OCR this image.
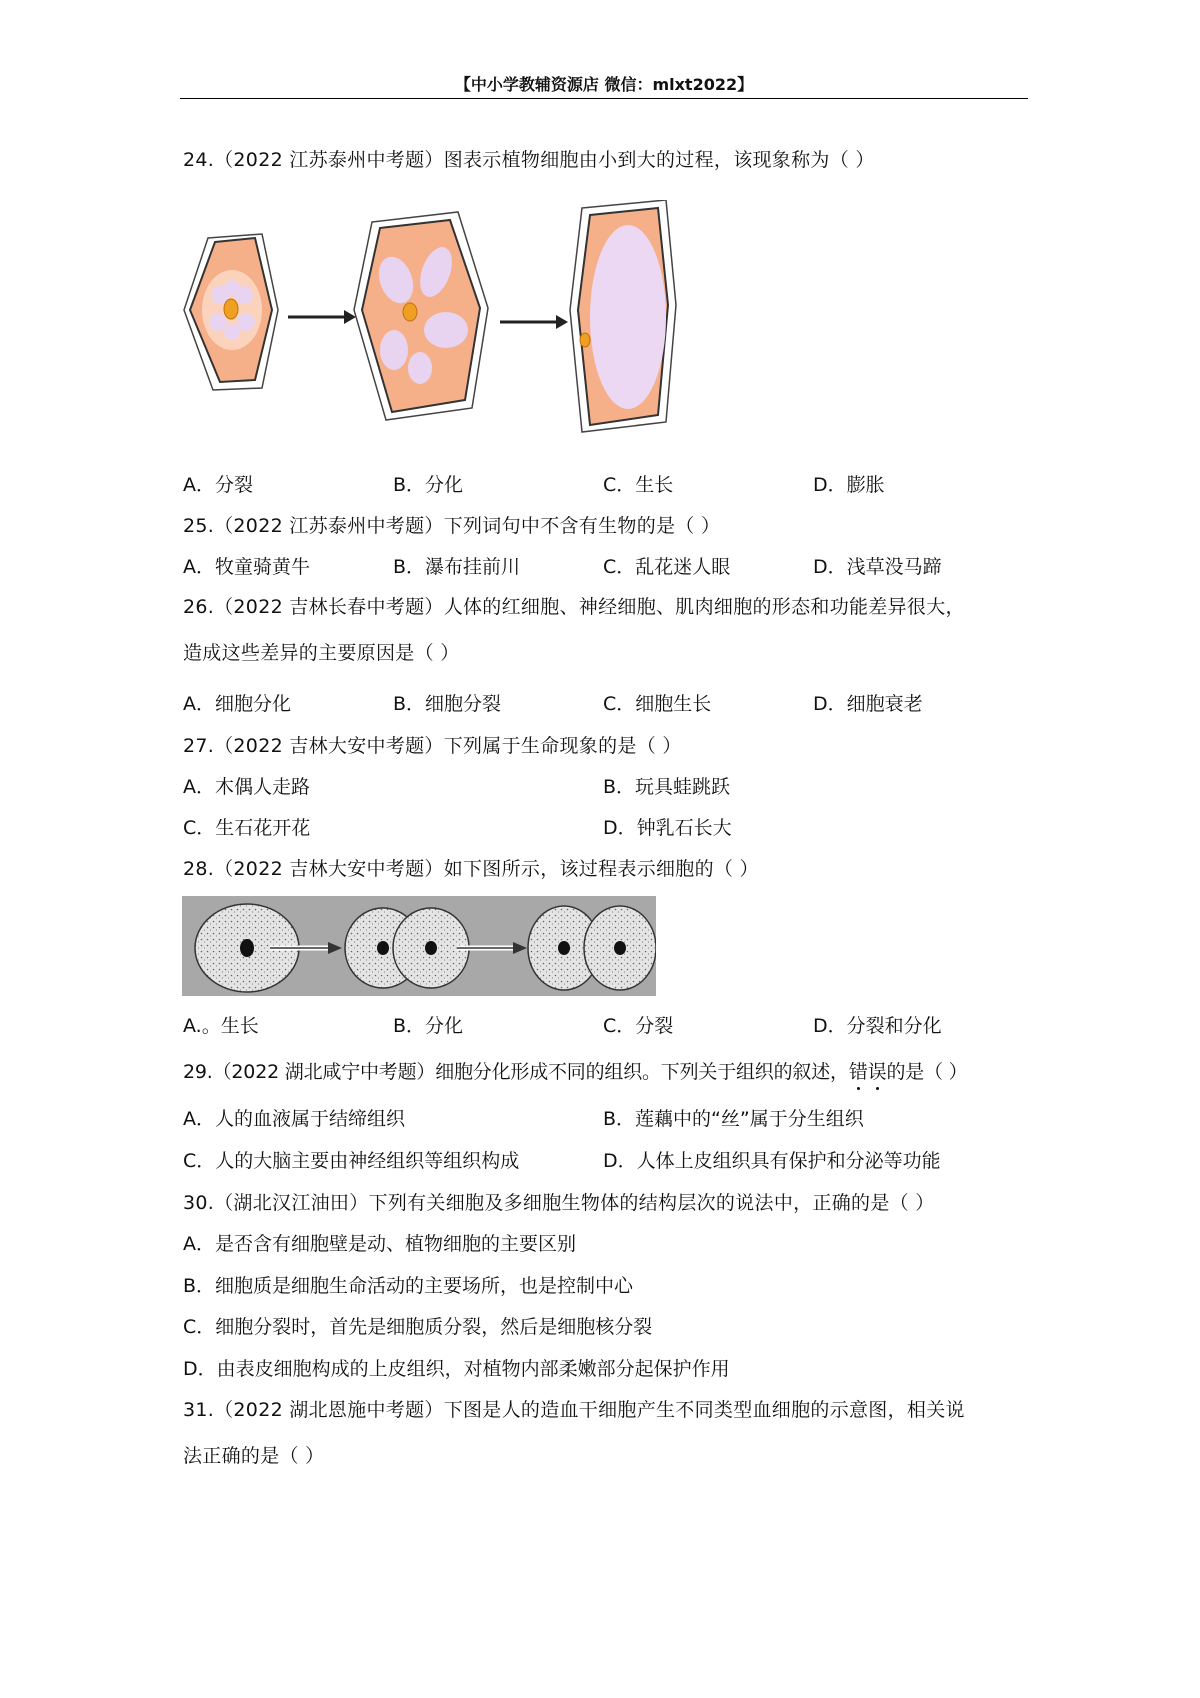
【中小学教辅资源店 微信：mlxt2022】
24.（2022 江苏泰州中考题）图表示植物细胞由小到大的过程，该现象称为（ ）
A．分裂	B．分化	C．生长	D．膨胀
25.（2022 江苏泰州中考题）下列词句中不含有生物的是（ ）
A．牧童骑黄牛	B．瀑布挂前川	C．乱花迷人眼	D．浅草没马蹄
26.（2022 吉林长春中考题）人体的红细胞、神经细胞、肌肉细胞的形态和功能差异很大，
造成这些差异的主要原因是（ ）
A．细胞分化	B．细胞分裂	C．细胞生长	D．细胞衰老
27.（2022 吉林大安中考题）下列属于生命现象的是（ ）
A．木偶人走路	B．玩具蛙跳跃
C．生石花开花	D．钟乳石长大
28.（2022 吉林大安中考题）如下图所示，该过程表示细胞的（ ）
A.。生长	B．分化	C．分裂	D．分裂和分化
29.（2022 湖北咸宁中考题）细胞分化形成不同的组织。下列关于组织的叙述，错
误
的是（ ）
A．人的血液属于结缔组织	B．莲藕中的“丝”属于分生组织
C．人的大脑主要由神经组织等组织构成	D．人体上皮组织具有保护和分泌等功能
30.（湖北汉江油田）下列有关细胞及多细胞生物体的结构层次的说法中，正确的是（ ）
A．是否含有细胞壁是动、植物细胞的主要区别
B．细胞质是细胞生命活动的主要场所，也是控制中心
C．细胞分裂时，首先是细胞质分裂，然后是细胞核分裂
D．由表皮细胞构成的上皮组织，对植物内部柔嫩部分起保护作用
31.（2022 湖北恩施中考题）下图是人的造血干细胞产生不同类型血细胞的示意图，相关说
法正确的是（ ）
